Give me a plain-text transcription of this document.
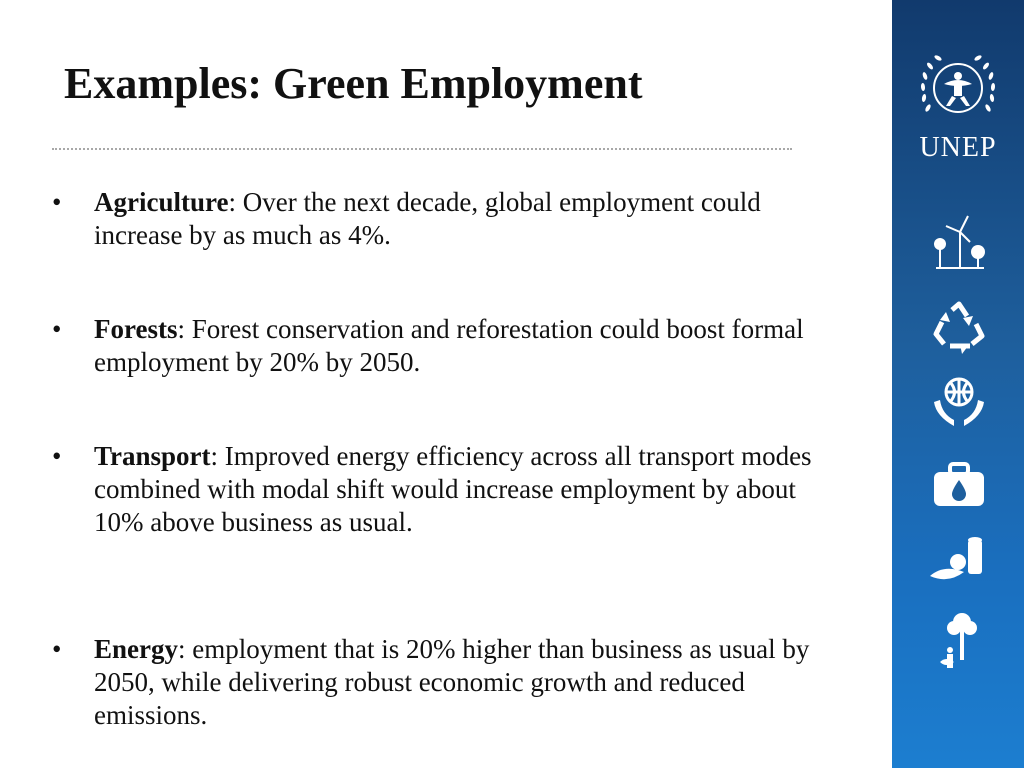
Examples: Green Employment
•	Agriculture: Over the next decade, global employment could increase by as much as 4%.
•	Forests: Forest conservation and reforestation could boost formal employment by 20% by 2050.
•	Transport: Improved energy efficiency across all transport modes combined with modal shift would increase employment by about 10% above business as usual.
•	Energy: employment that is 20% higher than business as usual by 2050, while delivering robust economic growth and reduced emissions.
UNEP
